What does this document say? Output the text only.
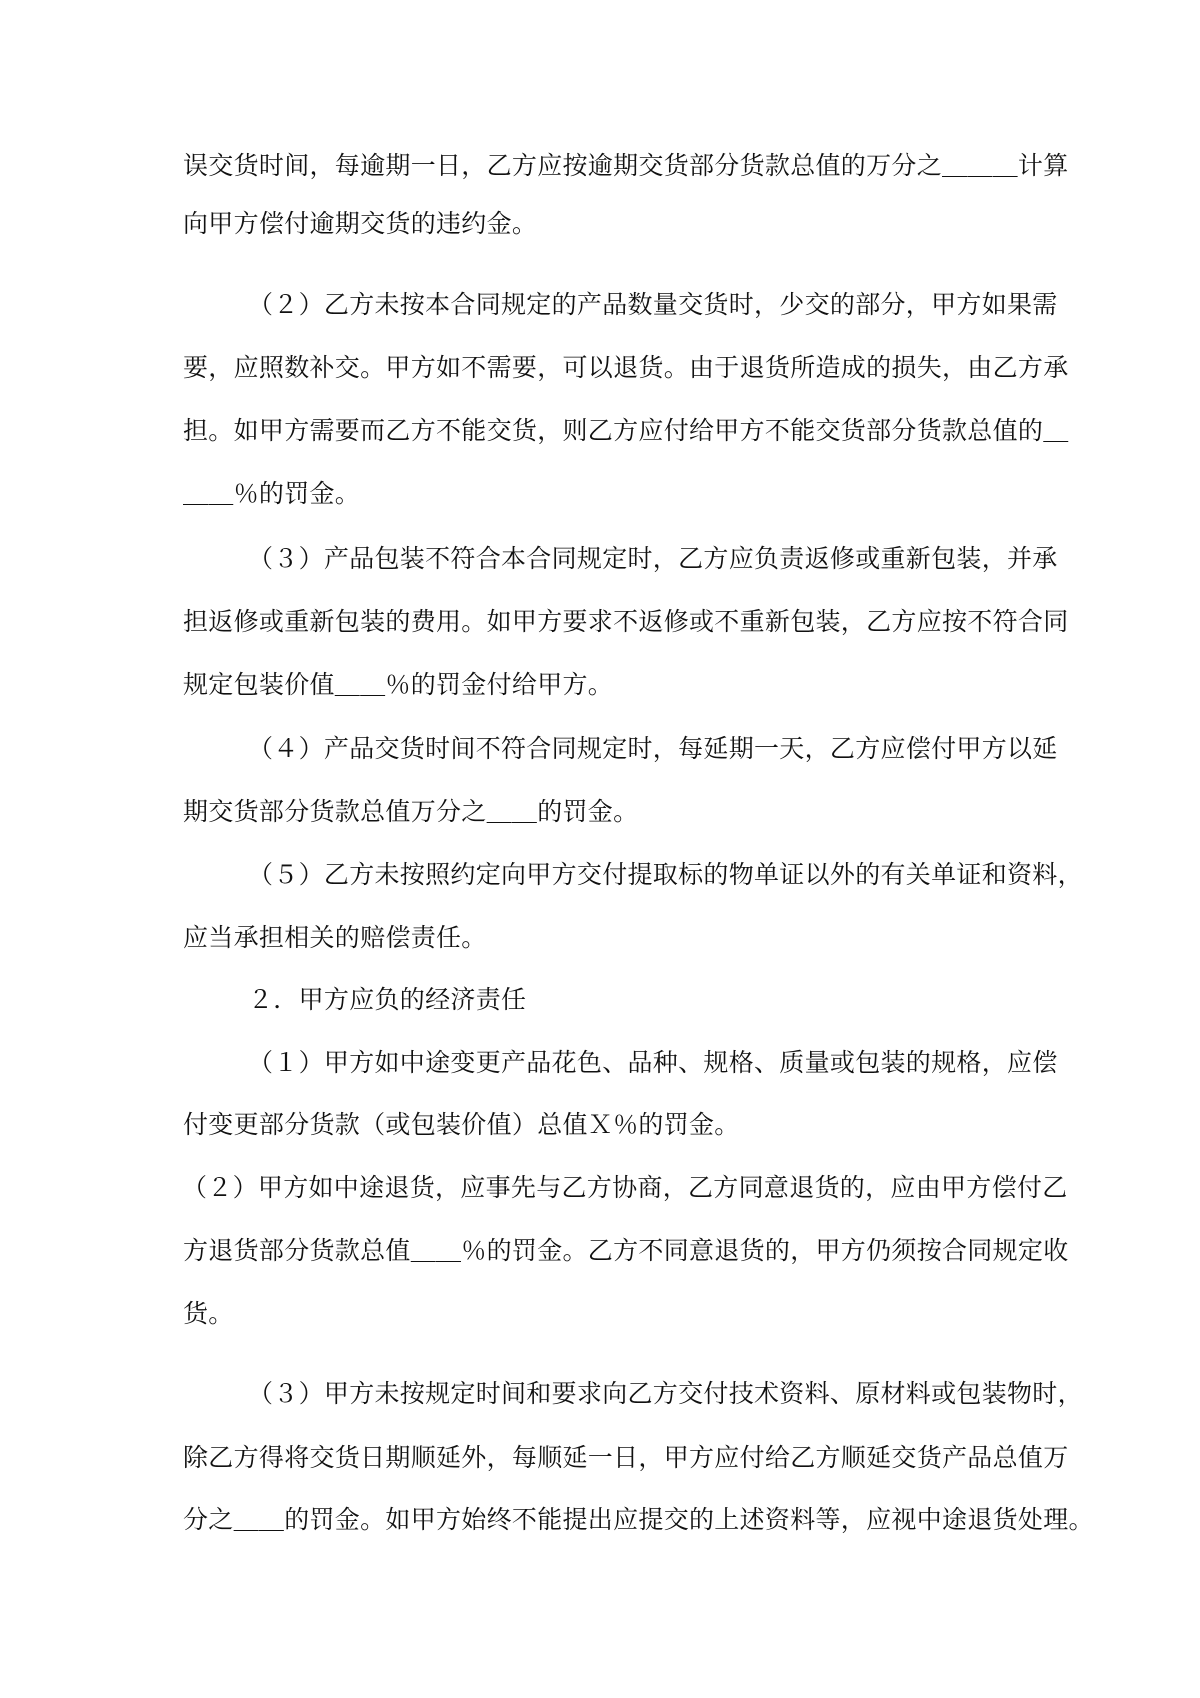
误交货时间，每逾期一日，乙方应按逾期交货部分货款总值的万分之＿＿＿计算
向甲方偿付逾期交货的违约金。
（２）乙方未按本合同规定的产品数量交货时，少交的部分，甲方如果需
要，应照数补交。甲方如不需要，可以退货。由于退货所造成的损失，由乙方承
担。如甲方需要而乙方不能交货，则乙方应付给甲方不能交货部分货款总值的＿
＿＿％的罚金。
（３）产品包装不符合本合同规定时，乙方应负责返修或重新包装，并承
担返修或重新包装的费用。如甲方要求不返修或不重新包装，乙方应按不符合同
规定包装价值＿＿％的罚金付给甲方。
（４）产品交货时间不符合同规定时，每延期一天，乙方应偿付甲方以延
期交货部分货款总值万分之＿＿的罚金。
（５）乙方未按照约定向甲方交付提取标的物单证以外的有关单证和资料，
应当承担相关的赔偿责任。
２．甲方应负的经济责任
（１）甲方如中途变更产品花色、品种、规格、质量或包装的规格，应偿
付变更部分货款（或包装价值）总值Ｘ％的罚金。
（２）甲方如中途退货，应事先与乙方协商，乙方同意退货的，应由甲方偿付乙
方退货部分货款总值＿＿％的罚金。乙方不同意退货的，甲方仍须按合同规定收
货。
（３）甲方未按规定时间和要求向乙方交付技术资料、原材料或包装物时，
除乙方得将交货日期顺延外，每顺延一日，甲方应付给乙方顺延交货产品总值万
分之＿＿的罚金。如甲方始终不能提出应提交的上述资料等，应视中途退货处理。
